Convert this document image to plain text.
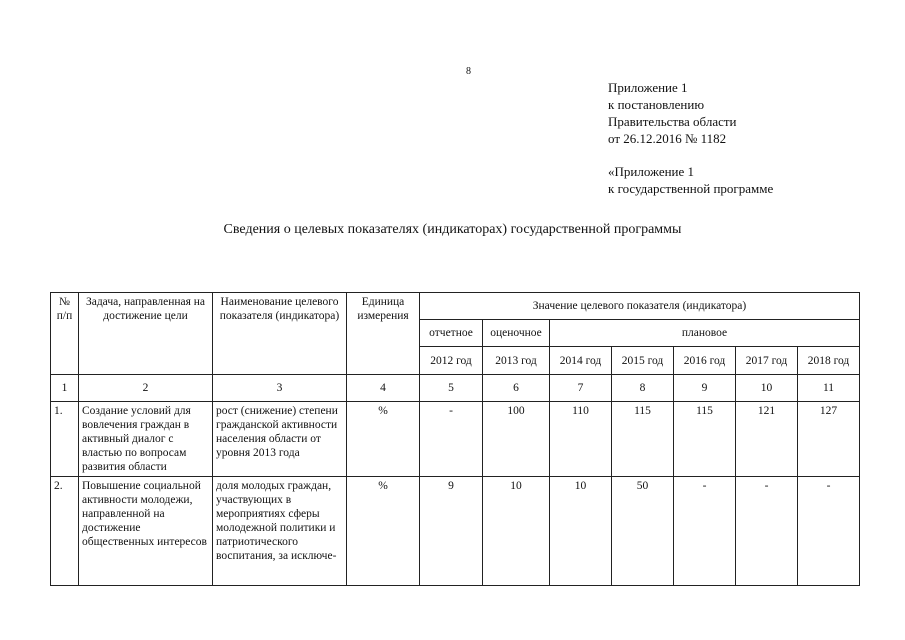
8
Приложение 1
к постановлению
Правительства области
от 26.12.2016 № 1182
«Приложение 1
к государственной программе
Сведения о целевых показателях (индикаторах) государственной программы
№ п/п	Задача, направленная на достижение цели	Наименование целевого показателя (индикатора)	Единица измерения	Значение целевого показателя (индикатора)						
				отчетное	оценочное	плановое				
				2012 год	2013 год	2014 год	2015 год	2016 год	2017 год	2018 год
1	2	3	4	5	6	7	8	9	10	11
1.	Создание условий для вовлечения граждан в активный диалог с властью по вопросам развития области	рост (снижение) степени гражданской активности населения области от уровня 2013 года	%	-	100	110	115	115	121	127
2.	Повышение социальной активности молодежи, направленной на достижение общественных интересов	доля молодых граждан, участвующих в мероприятиях сферы молодежной политики и патриотического воспитания, за исключе-	%	9	10	10	50	-	-	-
